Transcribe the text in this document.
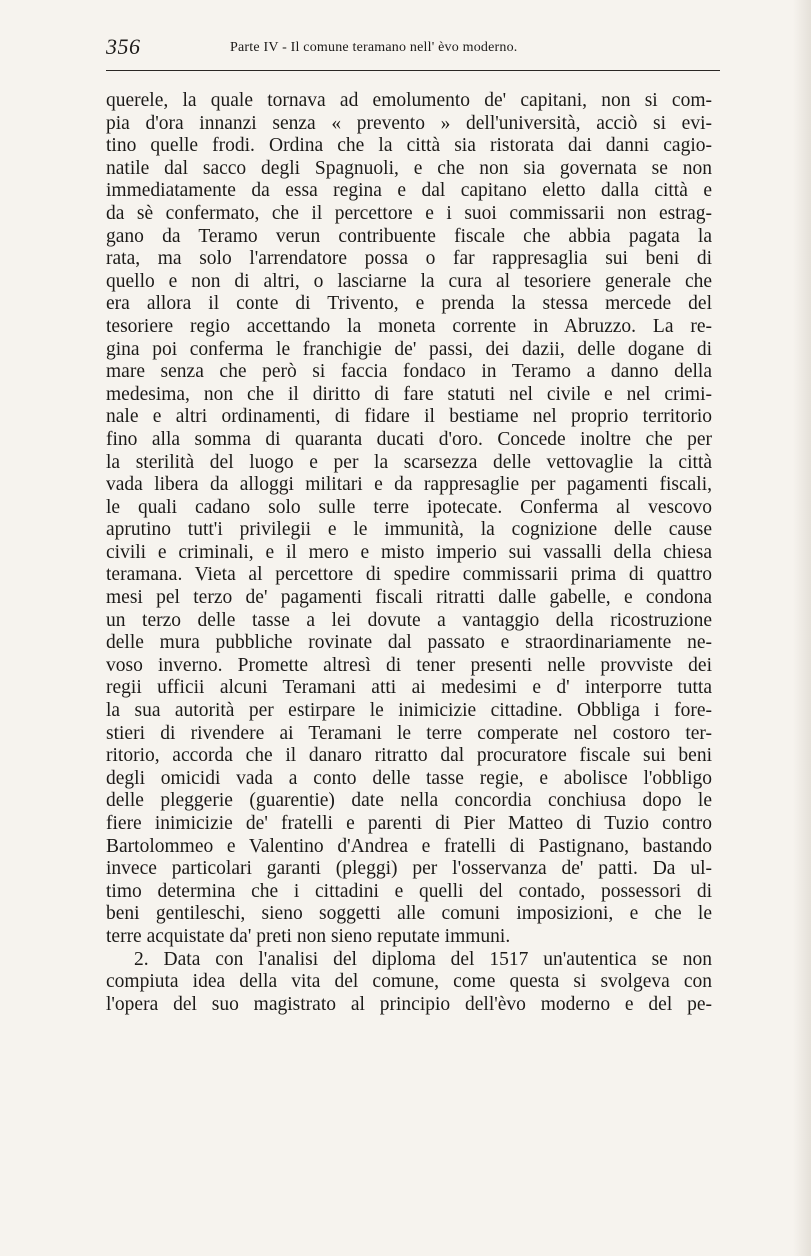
356	Parte IV - Il comune teramano nell' èvo moderno.
querele, la quale tornava ad emolumento de' capitani, non si com-
pia d'ora innanzi senza « prevento » dell'università, acciò si evi-
tino quelle frodi. Ordina che la città sia ristorata dai danni cagio-
natile dal sacco degli Spagnuoli, e che non sia governata se non
immediatamente da essa regina e dal capitano eletto dalla città e
da sè confermato, che il percettore e i suoi commissarii non estrag-
gano da Teramo verun contribuente fiscale che abbia pagata la
rata, ma solo l'arrendatore possa o far rappresaglia sui beni di
quello e non di altri, o lasciarne la cura al tesoriere generale che
era allora il conte di Trivento, e prenda la stessa mercede del
tesoriere regio accettando la moneta corrente in Abruzzo. La re-
gina poi conferma le franchigie de' passi, dei dazii, delle dogane di
mare senza che però si faccia fondaco in Teramo a danno della
medesima, non che il diritto di fare statuti nel civile e nel crimi-
nale e altri ordinamenti, di fidare il bestiame nel proprio territorio
fino alla somma di quaranta ducati d'oro. Concede inoltre che per
la sterilità del luogo e per la scarsezza delle vettovaglie la città
vada libera da alloggi militari e da rappresaglie per pagamenti fiscali,
le quali cadano solo sulle terre ipotecate. Conferma al vescovo
aprutino tutt'i privilegii e le immunità, la cognizione delle cause
civili e criminali, e il mero e misto imperio sui vassalli della chiesa
teramana. Vieta al percettore di spedire commissarii prima di quattro
mesi pel terzo de' pagamenti fiscali ritratti dalle gabelle, e condona
un terzo delle tasse a lei dovute a vantaggio della ricostruzione
delle mura pubbliche rovinate dal passato e straordinariamente ne-
voso inverno. Promette altresì di tener presenti nelle provviste dei
regii ufficii alcuni Teramani atti ai medesimi e d' interporre tutta
la sua autorità per estirpare le inimicizie cittadine. Obbliga i fore-
stieri di rivendere ai Teramani le terre comperate nel costoro ter-
ritorio, accorda che il danaro ritratto dal procuratore fiscale sui beni
degli omicidi vada a conto delle tasse regie, e abolisce l'obbligo
delle pleggerie (guarentie) date nella concordia conchiusa dopo le
fiere inimicizie de' fratelli e parenti di Pier Matteo di Tuzio contro
Bartolommeo e Valentino d'Andrea e fratelli di Pastignano, bastando
invece particolari garanti (pleggi) per l'osservanza de' patti. Da ul-
timo determina che i cittadini e quelli del contado, possessori di
beni gentileschi, sieno soggetti alle comuni imposizioni, e che le
terre acquistate da' preti non sieno reputate immuni.
2. Data con l'analisi del diploma del 1517 un'autentica se non
compiuta idea della vita del comune, come questa si svolgeva con
l'opera del suo magistrato al principio dell'èvo moderno e del pe-
